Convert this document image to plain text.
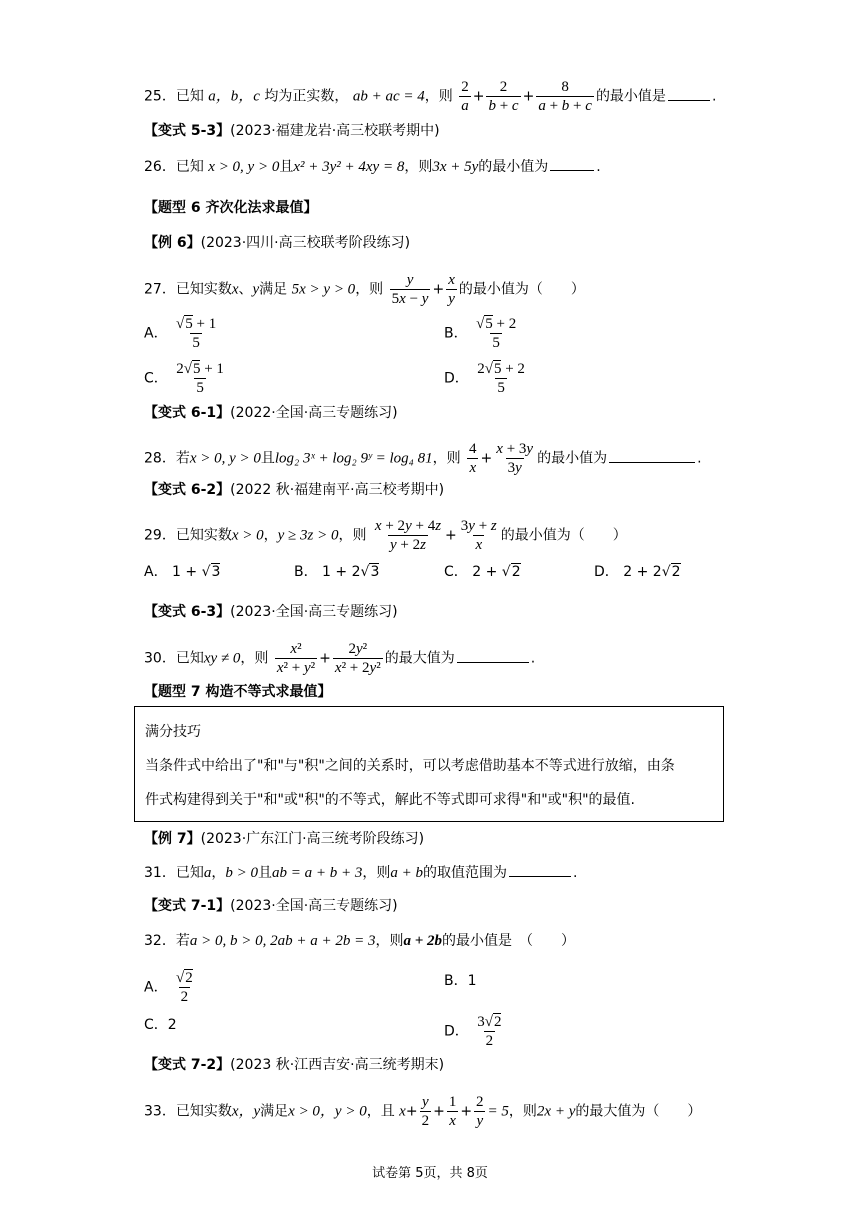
25．已知 a，b，c 均为正实数， ab + ac = 4，则 $\frac{2}{a} + \frac{2}{b + c} + \frac{8}{a + b + c}$ 的最小值是	.
【变式 5-3】(2023·福建龙岩·高三校联考期中)
26．已知 x > 0, y > 0且x² + 3y² + 4xy = 8，则3x + 5y的最小值为	.
【题型 6 齐次化法求最值】
【例 6】(2023·四川·高三校联考阶段练习)
27．已知实数x、y满足 5x > y > 0，则 $\frac{y}{5x - y} + \frac{x}{y}$ 的最小值为（　　）
A． $\frac{√5 + 1}{5}$	B． $\frac{√5 + 2}{5}$
C． $\frac{2√5 + 1}{5}$	D． $\frac{2√5 + 2}{5}$
【变式 6-1】(2022·全国·高三专题练习)
28．若x > 0, y > 0且log₂ 3ˣ + log₂ 9ʸ = log₄ 81，则 $\frac{4}{x} + \frac{x + 3y}{3y}$ 的最小值为	.
【变式 6-2】(2022 秋·福建南平·高三校考期中)
29．已知实数x > 0，y ≥ 3z > 0，则 $\frac{x + 2y + 4z}{y + 2z} + \frac{3y + z}{x}$ 的最小值为（　　）
A． 1 + √3	B． 1 + 2√3	C． 2 + √2	D． 2 + 2√2
【变式 6-3】(2023·全国·高三专题练习)
30．已知xy ≠ 0，则 $\frac{\text{x²}}{\text{x² + y²}} + \frac{\text{2y²}}{\text{x² + 2y²}}$ 的最大值为	.
【题型 7 构造不等式求最值】
满分技巧
当条件式中给出了"和"与"积"之间的关系时，可以考虑借助基本不等式进行放缩，由条
件式构建得到关于"和"或"积"的不等式，解此不等式即可求得"和"或"积"的最值.
【例 7】(2023·广东江门·高三统考阶段练习)
31．已知a，b > 0且ab = a + b + 3，则a + b的取值范围为	.
【变式 7-1】(2023·全国·高三专题练习)
32．若a > 0, b > 0, 2ab + a + 2b = 3，则a + 2b的最小值是　（　　）
A． $\frac{√2}{2}$	B．1
C．2	D． $\frac{3√2}{2}$
【变式 7-2】(2023 秋·江西吉安·高三统考期末)
33．已知实数x，y满足x > 0，y > 0，且 $x+ \frac{y}{2} + \frac{1}{x} + \frac{2}{y} = 5$，则2x + y的最大值为（　　）
试卷第 5页，共 8页
